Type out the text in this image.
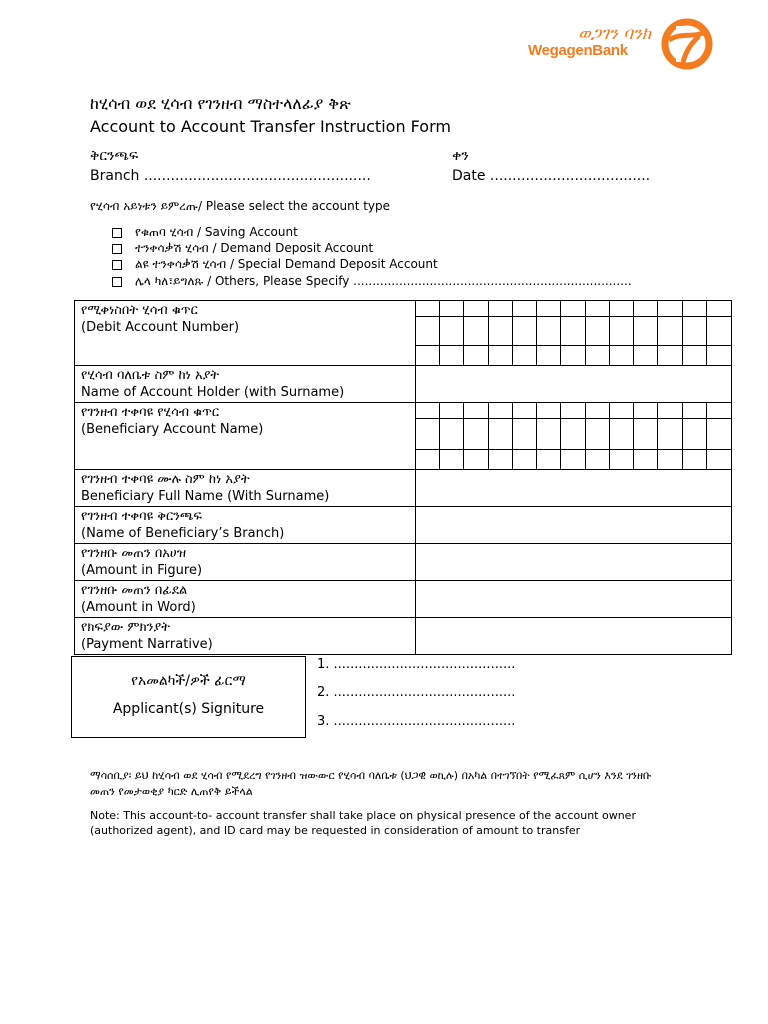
ወጋገን ባንክ
WegagenBank
ከሂሳብ ወደ ሂሳብ የገንዘብ ማስተላለፊያ ቅጽ
Account to Account Transfer Instruction Form
ቅርንጫፍ
Branch ...................................................
ቀን
Date ....................................
የሂሳብ አይነቱን ይምረጡ/ Please select the account type
የቁጠባ ሂሳብ / Saving Account
ተንቀሳቃሽ ሂሳብ / Demand Deposit Account
ልዩ ተንቀሳቃሽ ሂሳብ / Special Demand Deposit Account
ሌላ ካለ፣ይግለጹ / Others, Please Specify .........................................................................
የሚቀነስበት ሂሳብ ቁጥር
(Debit Account Number)	

የሂሳብ ባለቤቱ ስም ከነ አያት
Name of Account Holder (with Surname)	

የገንዘብ ተቀባዩ የሂሳብ ቁጥር
(Beneficiary Account Name)	

የገንዘብ ተቀባዩ ሙሉ ስም ከነ አያት
Beneficiary Full Name (With Surname)	

የገንዘብ ተቀባዩ ቅርንጫፍ
(Name of Beneficiary’s Branch)	

የገንዘቡ መጠን በአሀዝ
(Amount in Figure)	

የገንዘቡ መጠን በፊደል
(Amount in Word)	

የክፍያው ምክንያት
(Payment Narrative)	

የአመልካች/ዎች ፊርማ
Applicant(s) Signiture
1. ............................................
2. ............................................
3. ............................................
ማሳሰቢያ፡ ይህ ከሂሳብ ወደ ሂሳብ የሚደረግ የገንዘብ ዝውውር የሂሳብ ባለቤቱ (ህጋዊ ወኪሉ) በአካል በተገኘበት የሚፈጸም ሲሆን እንደ ገንዘቡ መጠን የመታወቂያ ካርድ ሊጠየቅ ይችላል
Note: This account-to- account transfer shall take place on physical presence of the account owner (authorized agent), and ID card may be requested in consideration of amount to transfer
